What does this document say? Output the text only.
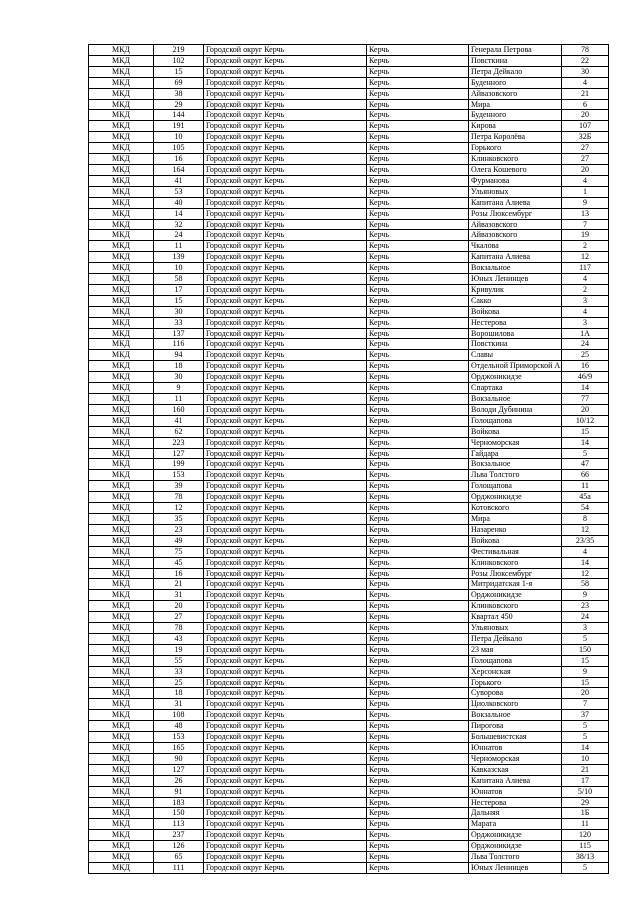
МКД	219	Городской округ Керчь	Керчь	Генерала Петрова	78
МКД	102	Городской округ Керчь	Керчь	Повсткина	22
МКД	15	Городской округ Керчь	Керчь	Петра Дейкало	30
МКД	69	Городской округ Керчь	Керчь	Буденного	4
МКД	38	Городской округ Керчь	Керчь	Айвазовского	21
МКД	29	Городской округ Керчь	Керчь	Мира	6
МКД	144	Городской округ Керчь	Керчь	Буденного	20
МКД	191	Городской округ Керчь	Керчь	Кирова	107
МКД	10	Городской округ Керчь	Керчь	Петра Королёва	32Б
МКД	105	Городской округ Керчь	Керчь	Горького	27
МКД	16	Городской округ Керчь	Керчь	Клинковского	27
МКД	164	Городской округ Керчь	Керчь	Олега Кошевого	20
МКД	41	Городской округ Керчь	Керчь	Фурманова	4
МКД	53	Городской округ Керчь	Керчь	Ульяновых	1
МКД	40	Городской округ Керчь	Керчь	Капитана Алиева	9
МКД	14	Городской округ Керчь	Керчь	Розы Люксембург	13
МКД	32	Городской округ Керчь	Керчь	Айвазовского	7
МКД	24	Городской округ Керчь	Керчь	Айвазовского	19
МКД	11	Городской округ Керчь	Керчь	Чкалова	2
МКД	139	Городской округ Керчь	Керчь	Капитана Алиева	12
МКД	10	Городской округ Керчь	Керчь	Вокзальное	117
МКД	58	Городской округ Керчь	Керчь	Юных Ленинцев	4
МКД	17	Городской округ Керчь	Керчь	Кривулик	2
МКД	15	Городской округ Керчь	Керчь	Сакко	3
МКД	30	Городской округ Керчь	Керчь	Войкова	4
МКД	33	Городской округ Керчь	Керчь	Нестерова	3
МКД	137	Городской округ Керчь	Керчь	Ворошилова	1А
МКД	116	Городской округ Керчь	Керчь	Повсткина	24
МКД	94	Городской округ Керчь	Керчь	Славы	25
МКД	18	Городской округ Керчь	Керчь	Отдельной Приморской А	16
МКД	30	Городской округ Керчь	Керчь	Орджоникидзе	46/9
МКД	9	Городской округ Керчь	Керчь	Спартака	14
МКД	11	Городской округ Керчь	Керчь	Вокзальное	77
МКД	160	Городской округ Керчь	Керчь	Володи Дубинина	20
МКД	41	Городской округ Керчь	Керчь	Голощапова	10/12
МКД	62	Городской округ Керчь	Керчь	Войкова	15
МКД	223	Городской округ Керчь	Керчь	Черноморская	14
МКД	127	Городской округ Керчь	Керчь	Гайдара	5
МКД	199	Городской округ Керчь	Керчь	Вокзальное	47
МКД	153	Городской округ Керчь	Керчь	Льва Толстого	66
МКД	39	Городской округ Керчь	Керчь	Голощапова	11
МКД	78	Городской округ Керчь	Керчь	Орджоникидзе	45а
МКД	12	Городской округ Керчь	Керчь	Котовского	54
МКД	35	Городской округ Керчь	Керчь	Мира	8
МКД	23	Городской округ Керчь	Керчь	Назаренко	12
МКД	49	Городской округ Керчь	Керчь	Войкова	23/35
МКД	75	Городской округ Керчь	Керчь	Фестивальная	4
МКД	45	Городской округ Керчь	Керчь	Клинковского	14
МКД	16	Городской округ Керчь	Керчь	Розы Люксембург	12
МКД	21	Городской округ Керчь	Керчь	Митридатская 1-я	58
МКД	31	Городской округ Керчь	Керчь	Орджоникидзе	9
МКД	20	Городской округ Керчь	Керчь	Клинковского	23
МКД	27	Городской округ Керчь	Керчь	Квартал 450	24
МКД	78	Городской округ Керчь	Керчь	Ульяновых	3
МКД	43	Городской округ Керчь	Керчь	Петра Дейкало	5
МКД	19	Городской округ Керчь	Керчь	23 мая	150
МКД	55	Городской округ Керчь	Керчь	Голощапова	15
МКД	33	Городской округ Керчь	Керчь	Херсонская	9
МКД	25	Городской округ Керчь	Керчь	Горького	15
МКД	18	Городской округ Керчь	Керчь	Суворова	20
МКД	31	Городской округ Керчь	Керчь	Циолковского	7
МКД	108	Городской округ Керчь	Керчь	Вокзальное	37
МКД	48	Городской округ Керчь	Керчь	Пирогова	5
МКД	153	Городской округ Керчь	Керчь	Большевистская	5
МКД	165	Городской округ Керчь	Керчь	Юннатов	14
МКД	90	Городской округ Керчь	Керчь	Черноморская	10
МКД	127	Городской округ Керчь	Керчь	Кавказская	21
МКД	26	Городской округ Керчь	Керчь	Капитана Алиева	17
МКД	91	Городской округ Керчь	Керчь	Юннатов	5/10
МКД	183	Городской округ Керчь	Керчь	Нестерова	29
МКД	150	Городской округ Керчь	Керчь	Дальняя	1Б
МКД	113	Городской округ Керчь	Керчь	Марата	11
МКД	237	Городской округ Керчь	Керчь	Орджоникидзе	120
МКД	126	Городской округ Керчь	Керчь	Орджоникидзе	115
МКД	65	Городской округ Керчь	Керчь	Льва Толстого	38/13
МКД	111	Городской округ Керчь	Керчь	Юных Ленинцев	5
